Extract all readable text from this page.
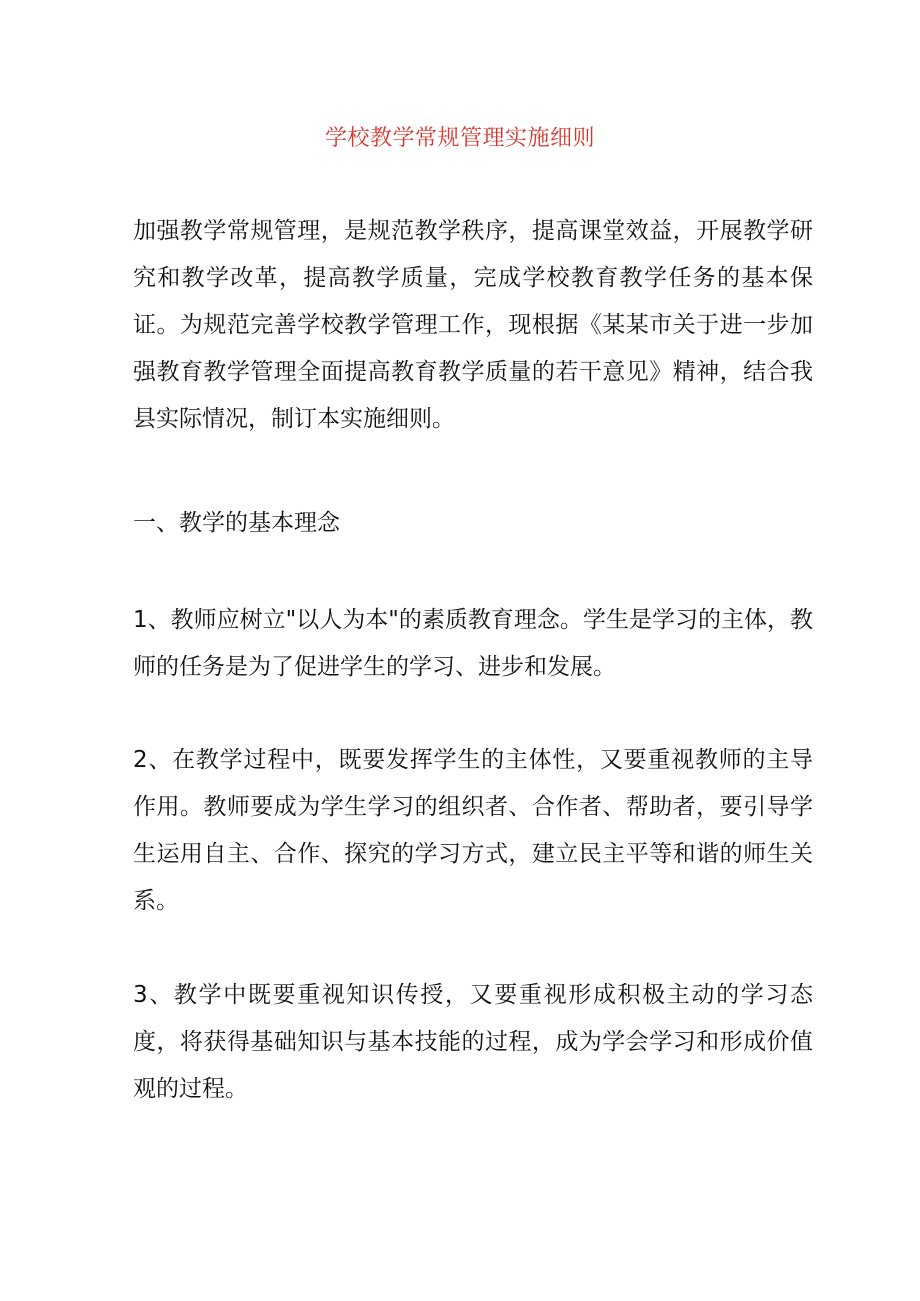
学校教学常规管理实施细则

加强教学常规管理，是规范教学秩序，提高课堂效益，开展教学研究和教学改革，提高教学质量，完成学校教育教学任务的基本保证。为规范完善学校教学管理工作，现根据《某某市关于进一步加强教育教学管理全面提高教育教学质量的若干意见》精神，结合我县实际情况，制订本实施细则。

一、教学的基本理念

1、教师应树立"以人为本"的素质教育理念。学生是学习的主体，教师的任务是为了促进学生的学习、进步和发展。

2、在教学过程中，既要发挥学生的主体性，又要重视教师的主导作用。教师要成为学生学习的组织者、合作者、帮助者，要引导学生运用自主、合作、探究的学习方式，建立民主平等和谐的师生关系。

3、教学中既要重视知识传授，又要重视形成积极主动的学习态度，将获得基础知识与基本技能的过程，成为学会学习和形成价值观的过程。
